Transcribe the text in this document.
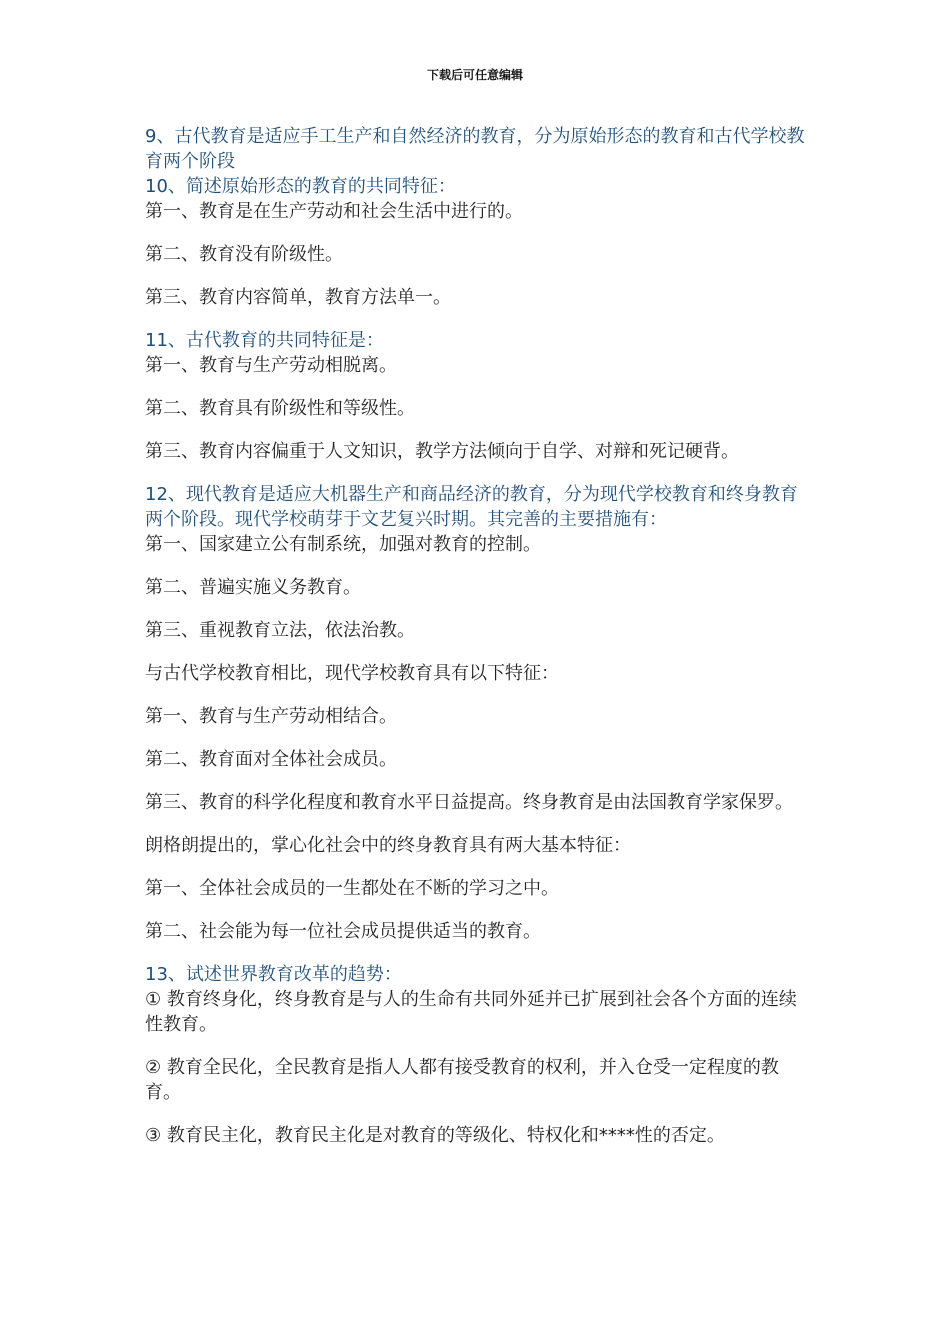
下载后可任意编辑

9、古代教育是适应手工生产和自然经济的教育，分为原始形态的教育和古代学校教育两个阶段

10、简述原始形态的教育的共同特征：

第一、教育是在生产劳动和社会生活中进行的。

第二、教育没有阶级性。

第三、教育内容简单，教育方法单一。

11、古代教育的共同特征是：

第一、教育与生产劳动相脱离。

第二、教育具有阶级性和等级性。

第三、教育内容偏重于人文知识，教学方法倾向于自学、对辩和死记硬背。

12、现代教育是适应大机器生产和商品经济的教育，分为现代学校教育和终身教育两个阶段。现代学校萌芽于文艺复兴时期。其完善的主要措施有：

第一、国家建立公有制系统，加强对教育的控制。

第二、普遍实施义务教育。

第三、重视教育立法，依法治教。

与古代学校教育相比，现代学校教育具有以下特征：

第一、教育与生产劳动相结合。

第二、教育面对全体社会成员。

第三、教育的科学化程度和教育水平日益提高。终身教育是由法国教育学家保罗。

朗格朗提出的，掌心化社会中的终身教育具有两大基本特征：

第一、全体社会成员的一生都处在不断的学习之中。

第二、社会能为每一位社会成员提供适当的教育。

13、试述世界教育改革的趋势：

① 教育终身化，终身教育是与人的生命有共同外延并已扩展到社会各个方面的连续性教育。

② 教育全民化，全民教育是指人人都有接受教育的权利，并入仓受一定程度的教育。

③ 教育民主化，教育民主化是对教育的等级化、特权化和****性的否定。
